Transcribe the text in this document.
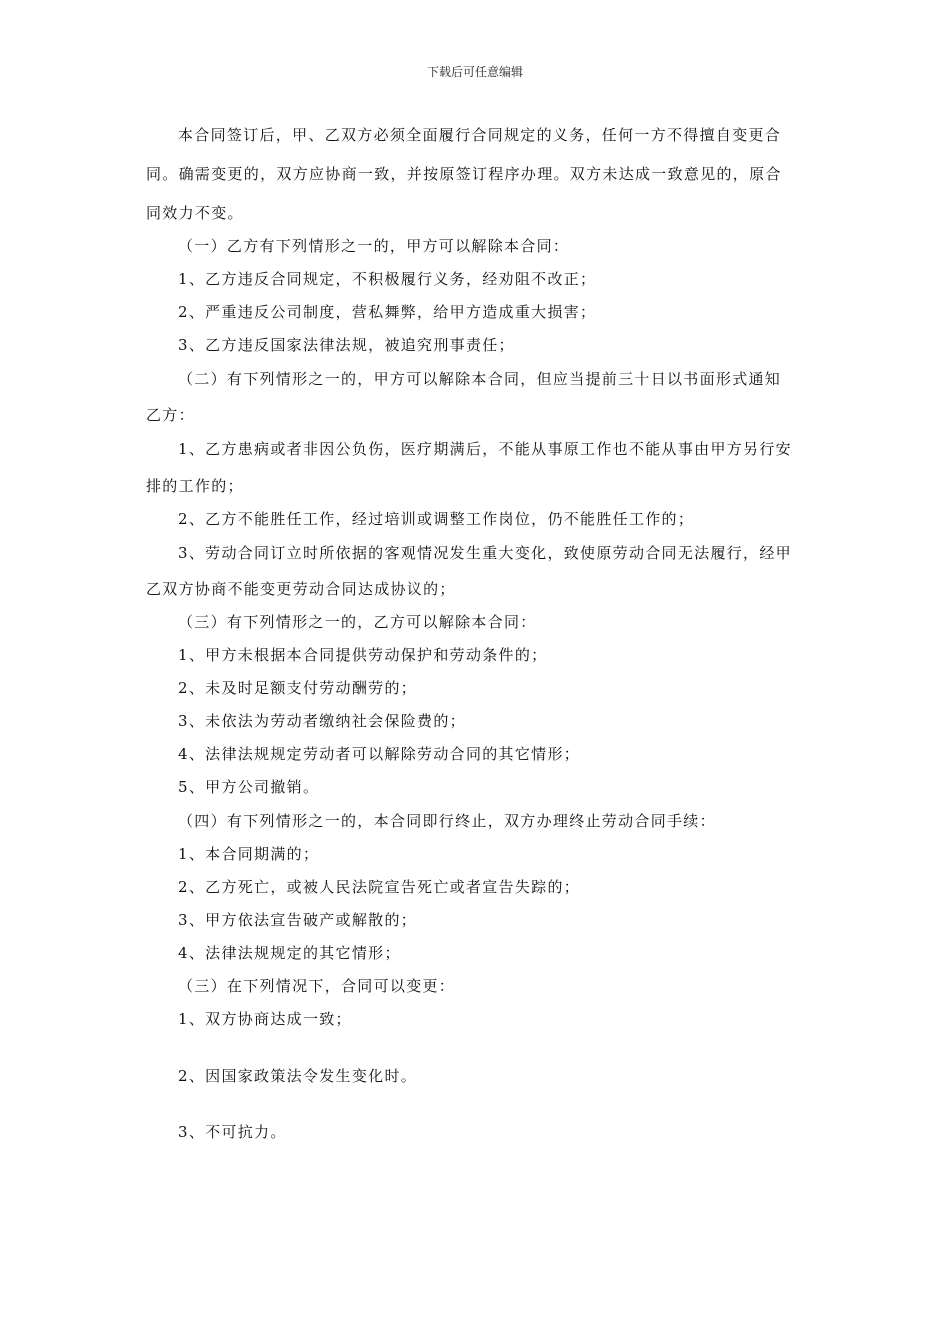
下载后可任意编辑
本合同签订后，甲、乙双方必须全面履行合同规定的义务，任何一方不得擅自变更合
同。确需变更的，双方应协商一致，并按原签订程序办理。双方未达成一致意见的，原合
同效力不变。
（一）乙方有下列情形之一的，甲方可以解除本合同：
1、乙方违反合同规定，不积极履行义务，经劝阻不改正；
2、严重违反公司制度，营私舞弊，给甲方造成重大损害；
3、乙方违反国家法律法规，被追究刑事责任；
（二）有下列情形之一的，甲方可以解除本合同，但应当提前三十日以书面形式通知
乙方：
1、乙方患病或者非因公负伤，医疗期满后，不能从事原工作也不能从事由甲方另行安
排的工作的；
2、乙方不能胜任工作，经过培训或调整工作岗位，仍不能胜任工作的；
3、劳动合同订立时所依据的客观情况发生重大变化，致使原劳动合同无法履行，经甲
乙双方协商不能变更劳动合同达成协议的；
（三）有下列情形之一的，乙方可以解除本合同：
1、甲方未根据本合同提供劳动保护和劳动条件的；
2、未及时足额支付劳动酬劳的；
3、未依法为劳动者缴纳社会保险费的；
4、法律法规规定劳动者可以解除劳动合同的其它情形；
5、甲方公司撤销。
（四）有下列情形之一的，本合同即行终止，双方办理终止劳动合同手续：
1、本合同期满的；
2、乙方死亡，或被人民法院宣告死亡或者宣告失踪的；
3、甲方依法宣告破产或解散的；
4、法律法规规定的其它情形；
（三）在下列情况下，合同可以变更：
1、双方协商达成一致；
2、因国家政策法令发生变化时。
3、不可抗力。
